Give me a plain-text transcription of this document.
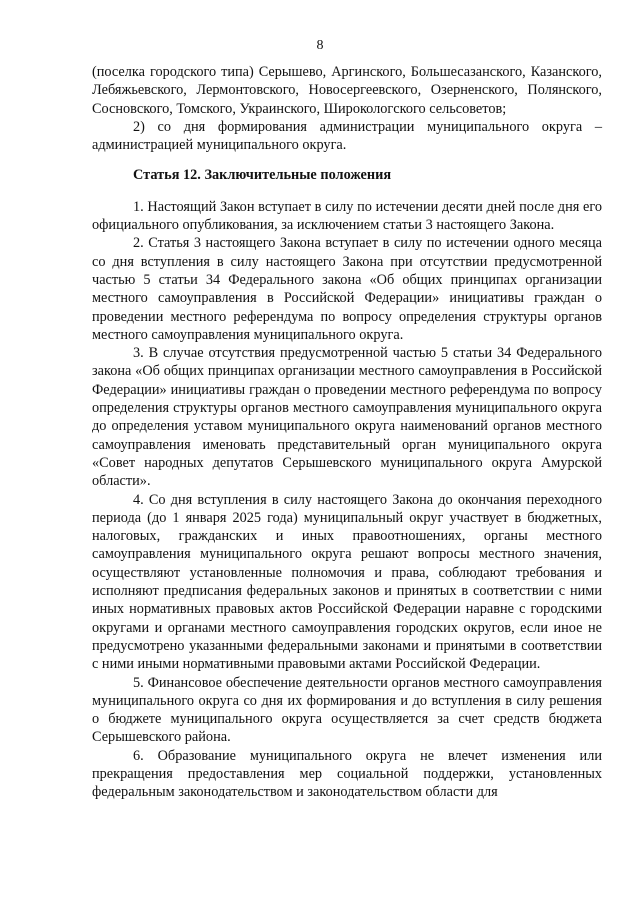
8

(поселка городского типа) Серышево, Аргинского, Большесазанского, Казанского, Лебяжьевского, Лермонтовского, Новосергеевского, Озерненского, Полянского, Сосновского, Томского, Украинского, Широкологского сельсоветов;

2) со дня формирования администрации муниципального округа – администрацией муниципального округа.

Статья 12. Заключительные положения

1. Настоящий Закон вступает в силу по истечении десяти дней после дня его официального опубликования, за исключением статьи 3 настоящего Закона.

2. Статья 3 настоящего Закона вступает в силу по истечении одного месяца со дня вступления в силу настоящего Закона при отсутствии предусмотренной частью 5 статьи 34 Федерального закона «Об общих принципах организации местного самоуправления в Российской Федерации» инициативы граждан о проведении местного референдума по вопросу определения структуры органов местного самоуправления муниципального округа.

3. В случае отсутствия предусмотренной частью 5 статьи 34 Федерального закона «Об общих принципах организации местного самоуправления в Российской Федерации» инициативы граждан о проведении местного референдума по вопросу определения структуры органов местного самоуправления муниципального округа до определения уставом муниципального округа наименований органов местного самоуправления именовать представительный орган муниципального округа «Совет народных депутатов Серышевского муниципального округа Амурской области».

4. Со дня вступления в силу настоящего Закона до окончания переходного периода (до 1 января 2025 года) муниципальный округ участвует в бюджетных, налоговых, гражданских и иных правоотношениях, органы местного самоуправления муниципального округа решают вопросы местного значения, осуществляют установленные полномочия и права, соблюдают требования и исполняют предписания федеральных законов и принятых в соответствии с ними иных нормативных правовых актов Российской Федерации наравне с городскими округами и органами местного самоуправления городских округов, если иное не предусмотрено указанными федеральными законами и принятыми в соответствии с ними иными нормативными правовыми актами Российской Федерации.

5. Финансовое обеспечение деятельности органов местного самоуправления муниципального округа со дня их формирования и до вступления в силу решения о бюджете муниципального округа осуществляется за счет средств бюджета Серышевского района.

6. Образование муниципального округа не влечет изменения или прекращения предоставления мер социальной поддержки, установленных федеральным законодательством и законодательством области для
